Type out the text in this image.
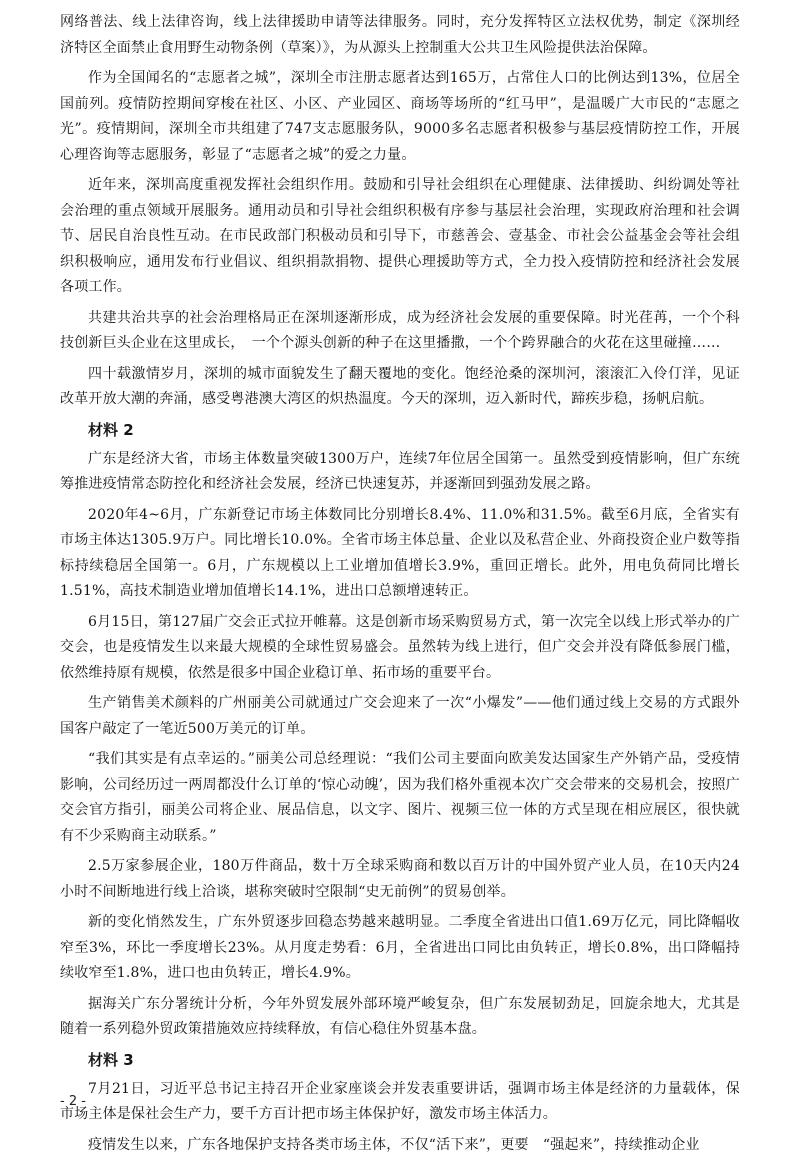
网络普法、线上法律咨询，线上法律援助申请等法律服务。同时，充分发挥特区立法权优势，制定《深圳经济特区全面禁止食用野生动物条例（草案）》，为从源头上控制重大公共卫生风险提供法治保障。

作为全国闻名的“志愿者之城”，深圳全市注册志愿者达到165万，占常住人口的比例达到13%，位居全国前列。疫情防控期间穿梭在社区、小区、产业园区、商场等场所的“红马甲”，是温暖广大市民的“志愿之光”。疫情期间，深圳全市共组建了747支志愿服务队，9000多名志愿者积极参与基层疫情防控工作，开展心理咨询等志愿服务，彰显了“志愿者之城”的爱之力量。

近年来，深圳高度重视发挥社会组织作用。鼓励和引导社会组织在心理健康、法律援助、纠纷调处等社会治理的重点领域开展服务。通用动员和引导社会组织积极有序参与基层社会治理，实现政府治理和社会调节、居民自治良性互动。在市民政部门积极动员和引导下，市慈善会、壹基金、市社会公益基金会等社会组织积极响应，通用发布行业倡议、组织捐款捐物、提供心理援助等方式，全力投入疫情防控和经济社会发展各项工作。

共建共治共享的社会治理格局正在深圳逐渐形成，成为经济社会发展的重要保障。时光荏苒，一个个科技创新巨头企业在这里成长，　一个个源头创新的种子在这里播撒，一个个跨界融合的火花在这里碰撞……

四十载激情岁月，深圳的城市面貌发生了翻天覆地的变化。饱经沧桑的深圳河，滚滚汇入伶仃洋，见证改革开放大潮的奔涌，感受粤港澳大湾区的炽热温度。今天的深圳，迈入新时代，蹄疾步稳，扬帆启航。

材料 2

广东是经济大省，市场主体数量突破1300万户，连续7年位居全国第一。虽然受到疫情影响，但广东统筹推进疫情常态防控化和经济社会发展，经济已快速复苏，并逐渐回到强劲发展之路。

2020年4~6月，广东新登记市场主体数同比分别增长8.4%、11.0%和31.5%。截至6月底，全省实有市场主体达1305.9万户。同比增长10.0%。全省市场主体总量、企业以及私营企业、外商投资企业户数等指标持续稳居全国第一。6月，广东规模以上工业增加值增长3.9%，重回正增长。此外，用电负荷同比增长1.51%，高技术制造业增加值增长14.1%，进出口总额增速转正。

6月15日，第127届广交会正式拉开帷幕。这是创新市场采购贸易方式，第一次完全以线上形式举办的广交会，也是疫情发生以来最大规模的全球性贸易盛会。虽然转为线上进行，但广交会并没有降低参展门槛，依然维持原有规模，依然是很多中国企业稳订单、拓市场的重要平台。

生产销售美术颜料的广州丽美公司就通过广交会迎来了一次“小爆发”——他们通过线上交易的方式跟外国客户敲定了一笔近500万美元的订单。

“我们其实是有点幸运的。”丽美公司总经理说：“我们公司主要面向欧美发达国家生产外销产品，受疫情影响，公司经历过一两周都没什么订单的‘惊心动魄’，因为我们格外重视本次广交会带来的交易机会，按照广交会官方指引，丽美公司将企业、展品信息，以文字、图片、视频三位一体的方式呈现在相应展区，很快就有不少采购商主动联系。”

2.5万家参展企业，180万件商品，数十万全球采购商和数以百万计的中国外贸产业人员，在10天内24小时不间断地进行线上洽谈，堪称突破时空限制“史无前例”的贸易创举。

新的变化悄然发生，广东外贸逐步回稳态势越来越明显。二季度全省进出口值1.69万亿元，同比降幅收窄至3%，环比一季度增长23%。从月度走势看：6月，全省进出口同比由负转正，增长0.8%，出口降幅持续收窄至1.8%，进口也由负转正，增长4.9%。

据海关广东分署统计分析，今年外贸发展外部环境严峻复杂，但广东发展韧劲足，回旋余地大，尤其是随着一系列稳外贸政策措施效应持续释放，有信心稳住外贸基本盘。

材料 3

7月21日，习近平总书记主持召开企业家座谈会并发表重要讲话，强调市场主体是经济的力量载体，保市场主体是保社会生产力，要千方百计把市场主体保护好，激发市场主体活力。

疫情发生以来，广东各地保护支持各类市场主体，不仅“活下来”，更要　“强起来”，持续推动企业

- 2 -
